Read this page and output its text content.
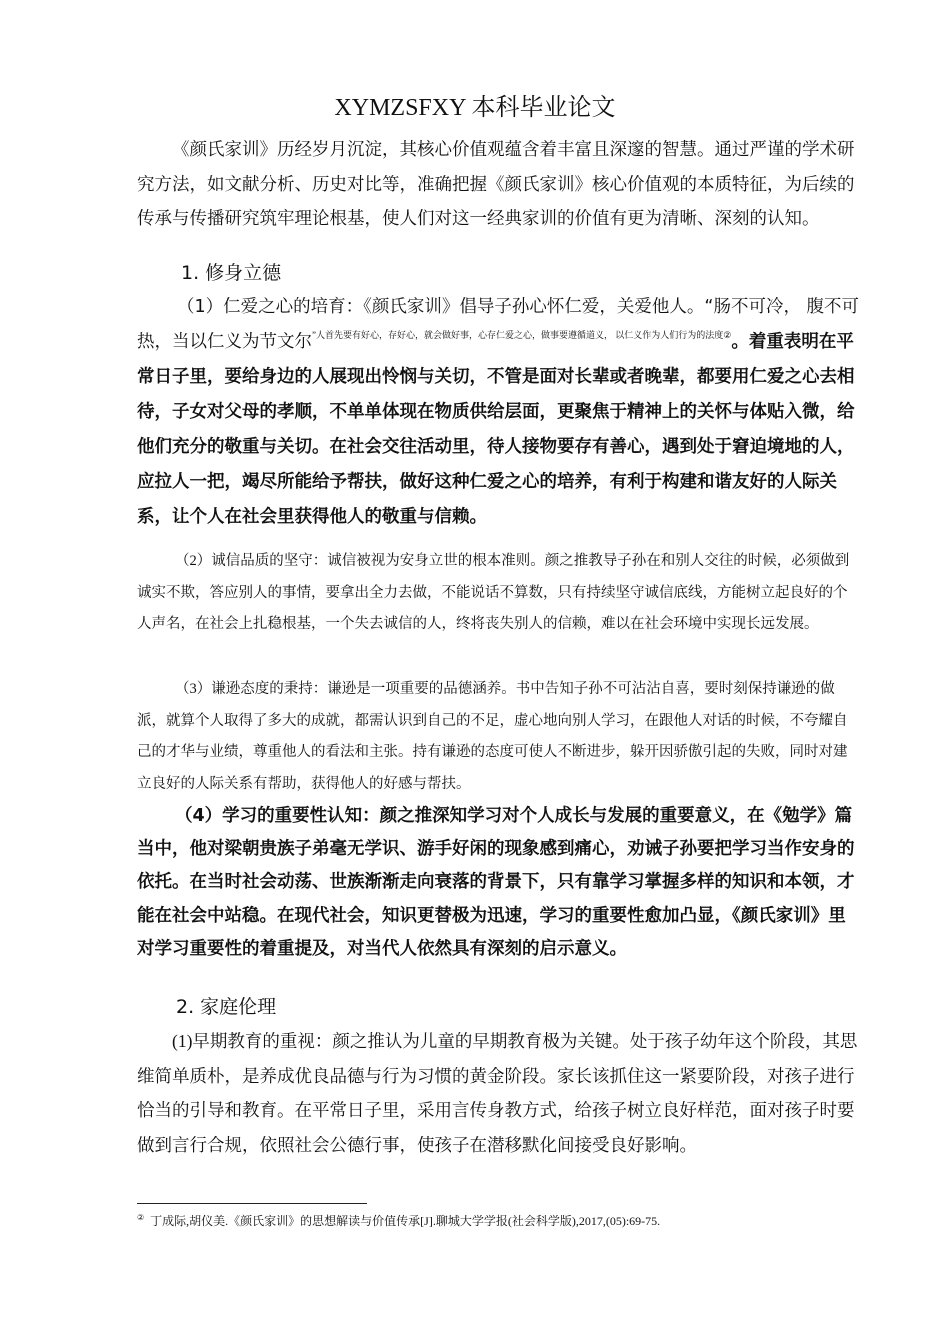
XYMZSFXY 本科毕业论文

《颜氏家训》历经岁月沉淀，其核心价值观蕴含着丰富且深邃的智慧。通过严谨的学术研究方法，如文献分析、历史对比等，准确把握《颜氏家训》核心价值观的本质特征，为后续的传承与传播研究筑牢理论根基，使人们对这一经典家训的价值有更为清晰、深刻的认知。

1. 修身立德

（1）仁爱之心的培育：《颜氏家训》倡导子孙心怀仁爱，关爱他人。“肠不可冷， 腹不可热，当以仁义为节文尔$^{”人首先要有好心,存好心,就会做好事,心存仁爱之心,做事要遵循道义, 以仁义作为人们行为的法度②}$。着重表明在平常日子里，要给身边的人展现出怜悯与关切，不管是面对长辈或者晚辈，都要用仁爱之心去相待，子女对父母的孝顺，不单单体现在物质供给层面，更聚焦于精神上的关怀与体贴入微，给他们充分的敬重与关切。在社会交往活动里，待人接物要存有善心，遇到处于窘迫境地的人，应拉人一把，竭尽所能给予帮扶，做好这种仁爱之心的培养，有利于构建和谐友好的人际关系，让个人在社会里获得他人的敬重与信赖。

（2）诚信品质的坚守：诚信被视为安身立世的根本准则。颜之推教导子孙在和别人交往的时候，必须做到诚实不欺，答应别人的事情，要拿出全力去做，不能说话不算数，只有持续坚守诚信底线，方能树立起良好的个人声名，在社会上扎稳根基，一个失去诚信的人，终将丧失别人的信赖，难以在社会环境中实现长远发展。

（3）谦逊态度的秉持：谦逊是一项重要的品德涵养。书中告知子孙不可沾沾自喜，要时刻保持谦逊的做派，就算个人取得了多大的成就，都需认识到自己的不足，虚心地向别人学习，在跟他人对话的时候，不夸耀自己的才华与业绩，尊重他人的看法和主张。持有谦逊的态度可使人不断进步，躲开因骄傲引起的失败，同时对建立良好的人际关系有帮助，获得他人的好感与帮扶。

（4）学习的重要性认知：颜之推深知学习对个人成长与发展的重要意义，在《勉学》篇当中，他对梁朝贵族子弟毫无学识、游手好闲的现象感到痛心，劝诫子孙要把学习当作安身的依托。在当时社会动荡、世族渐渐走向衰落的背景下，只有靠学习掌握多样的知识和本领，才能在社会中站稳。在现代社会，知识更替极为迅速，学习的重要性愈加凸显，《颜氏家训》里对学习重要性的着重提及，对当代人依然具有深刻的启示意义。

2. 家庭伦理

(1)早期教育的重视：颜之推认为儿童的早期教育极为关键。处于孩子幼年这个阶段，其思维简单质朴，是养成优良品德与行为习惯的黄金阶段。家长该抓住这一紧要阶段，对孩子进行恰当的引导和教育。在平常日子里，采用言传身教方式，给孩子树立良好样范，面对孩子时要做到言行合规，依照社会公德行事，使孩子在潜移默化间接受良好影响。

② 丁成际,胡仪美.《颜氏家训》的思想解读与价值传承[J].聊城大学学报(社会科学版),2017,(05):69-75.
